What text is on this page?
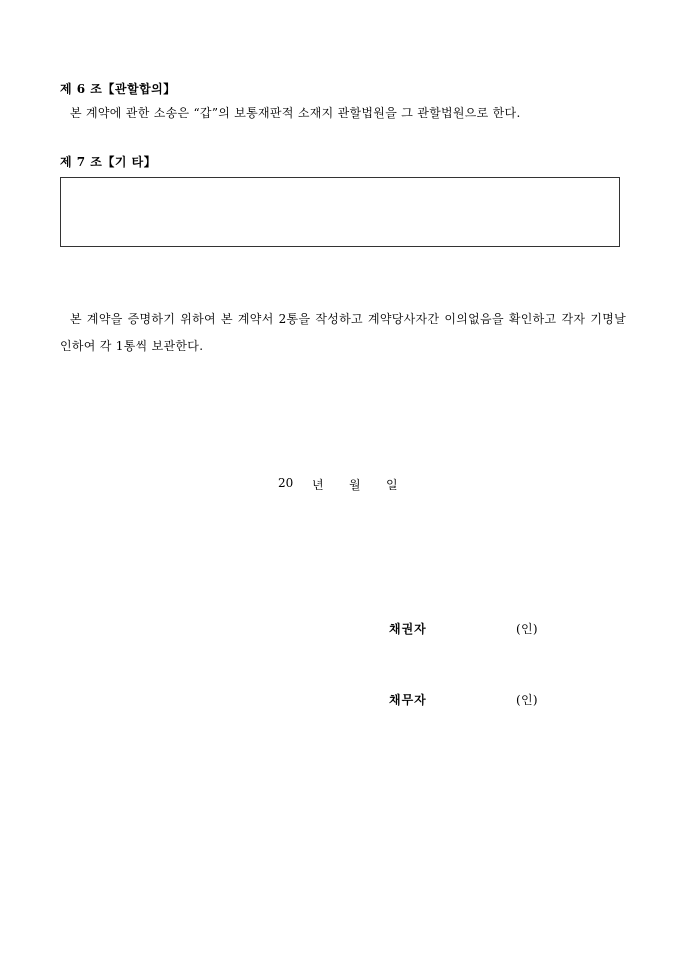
제 6 조【관할합의】
본 계약에 관한 소송은 “갑”의 보통재판적 소재지 관할법원을 그 관할법원으로 한다.
제 7 조【기 타】
본 계약을 증명하기 위하여 본 계약서 2통을 작성하고 계약당사자간 이의없음을 확인하고 각자 기명날인하여 각 1통씩 보관한다.
20	년	월	일
채권자	(인)
채무자	(인)
